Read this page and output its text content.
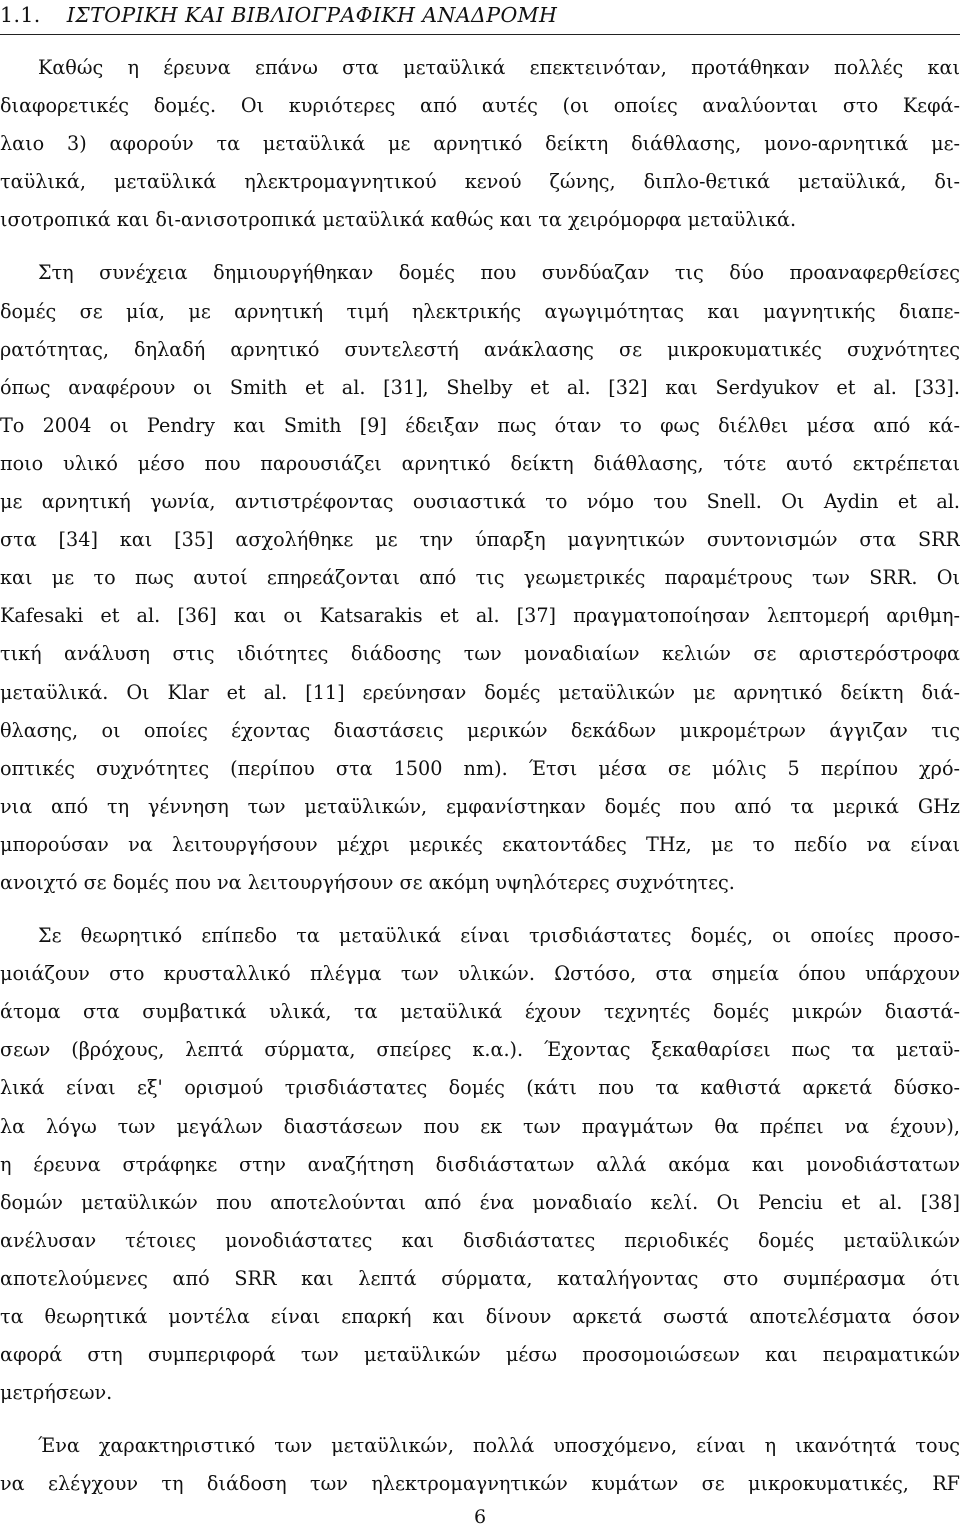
1.1. ΙΣΤΟΡΙΚΗ ΚΑΙ ΒΙΒΛΙΟΓΡΑΦΙΚΗ ΑΝΑΔΡΟΜΗ
Καθώς η έρευνα επάνω στα μεταϋλικά επεκτεινόταν, προτάθηκαν πολλές και
διαφορετικές δομές. Οι κυριότερες από αυτές (οι οποίες αναλύονται στο Κεφά-
λαιο 3) αφορούν τα μεταϋλικά με αρνητικό δείκτη διάθλασης, μονο-αρνητικά με-
ταϋλικά, μεταϋλικά ηλεκτρομαγνητικού κενού ζώνης, διπλο-θετικά μεταϋλικά, δι-
ισοτροπικά και δι-ανισοτροπικά μεταϋλικά καθώς και τα χειρόμορφα μεταϋλικά.
Στη συνέχεια δημιουργήθηκαν δομές που συνδύαζαν τις δύο προαναφερθείσες
δομές σε μία, με αρνητική τιμή ηλεκτρικής αγωγιμότητας και μαγνητικής διαπε-
ρατότητας, δηλαδή αρνητικό συντελεστή ανάκλασης σε μικροκυματικές συχνότητες
όπως αναφέρουν οι Smith et al. [31], Shelby et al. [32] και Serdyukov et al. [33].
Το 2004 οι Pendry και Smith [9] έδειξαν πως όταν το φως διέλθει μέσα από κά-
ποιο υλικό μέσο που παρουσιάζει αρνητικό δείκτη διάθλασης, τότε αυτό εκτρέπεται
με αρνητική γωνία, αντιστρέφοντας ουσιαστικά το νόμο του Snell. Οι Aydin et al.
στα [34] και [35] ασχολήθηκε με την ύπαρξη μαγνητικών συντονισμών στα SRR
και με το πως αυτοί επηρεάζονται από τις γεωμετρικές παραμέτρους των SRR. Οι
Kafesaki et al. [36] και οι Katsarakis et al. [37] πραγματοποίησαν λεπτομερή αριθμη-
τική ανάλυση στις ιδιότητες διάδοσης των μοναδιαίων κελιών σε αριστερόστροφα
μεταϋλικά. Οι Klar et al. [11] ερεύνησαν δομές μεταϋλικών με αρνητικό δείκτη διά-
θλασης, οι οποίες έχοντας διαστάσεις μερικών δεκάδων μικρομέτρων άγγιζαν τις
οπτικές συχνότητες (περίπου στα 1500 nm). Έτσι μέσα σε μόλις 5 περίπου χρό-
νια από τη γέννηση των μεταϋλικών, εμφανίστηκαν δομές που από τα μερικά GHz
μπορούσαν να λειτουργήσουν μέχρι μερικές εκατοντάδες THz, με το πεδίο να είναι
ανοιχτό σε δομές που να λειτουργήσουν σε ακόμη υψηλότερες συχνότητες.
Σε θεωρητικό επίπεδο τα μεταϋλικά είναι τρισδιάστατες δομές, οι οποίες προσο-
μοιάζουν στο κρυσταλλικό πλέγμα των υλικών. Ωστόσο, στα σημεία όπου υπάρχουν
άτομα στα συμβατικά υλικά, τα μεταϋλικά έχουν τεχνητές δομές μικρών διαστά-
σεων (βρόχους, λεπτά σύρματα, σπείρες κ.α.). Έχοντας ξεκαθαρίσει πως τα μεταϋ-
λικά είναι εξ' ορισμού τρισδιάστατες δομές (κάτι που τα καθιστά αρκετά δύσκο-
λα λόγω των μεγάλων διαστάσεων που εκ των πραγμάτων θα πρέπει να έχουν),
η έρευνα στράφηκε στην αναζήτηση δισδιάστατων αλλά ακόμα και μονοδιάστατων
δομών μεταϋλικών που αποτελούνται από ένα μοναδιαίο κελί. Οι Penciu et al. [38]
ανέλυσαν τέτοιες μονοδιάστατες και δισδιάστατες περιοδικές δομές μεταϋλικών
αποτελούμενες από SRR και λεπτά σύρματα, καταλήγοντας στο συμπέρασμα ότι
τα θεωρητικά μοντέλα είναι επαρκή και δίνουν αρκετά σωστά αποτελέσματα όσον
αφορά στη συμπεριφορά των μεταϋλικών μέσω προσομοιώσεων και πειραματικών
μετρήσεων.
Ένα χαρακτηριστικό των μεταϋλικών, πολλά υποσχόμενο, είναι η ικανότητά τους
να ελέγχουν τη διάδοση των ηλεκτρομαγνητικών κυμάτων σε μικροκυματικές, RF
6
